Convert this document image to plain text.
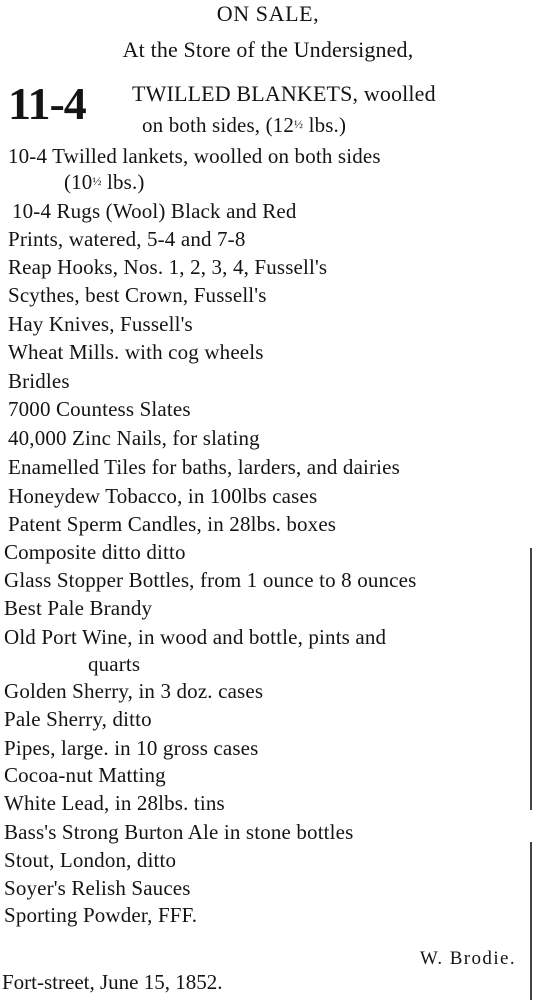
ON SALE,
At the Store of the Undersigned,
11-4 TWILLED BLANKETS, woolled
on both sides, (12½ lbs.)
10-4 Twilled lankets, woolled on both sides
(10½ lbs.)
10-4 Rugs (Wool) Black and Red
Prints, watered, 5-4 and 7-8
Reap Hooks, Nos. 1, 2, 3, 4, Fussell's
Scythes, best Crown, Fussell's
Hay Knives, Fussell's
Wheat Mills. with cog wheels
Bridles
7000 Countess Slates
40,000 Zinc Nails, for slating
Enamelled Tiles for baths, larders, and dairies
Honeydew Tobacco, in 100lbs cases
Patent Sperm Candles, in 28lbs. boxes
Composite ditto ditto
Glass Stopper Bottles, from 1 ounce to 8 ounces
Best Pale Brandy
Old Port Wine, in wood and bottle, pints and
quarts
Golden Sherry, in 3 doz. cases
Pale Sherry, ditto
Pipes, large. in 10 gross cases
Cocoa-nut Matting
White Lead, in 28lbs. tins
Bass's Strong Burton Ale in stone bottles
Stout, London, ditto
Soyer's Relish Sauces
Sporting Powder, FFF.
W. Brodie.
Fort-street, June 15, 1852.
